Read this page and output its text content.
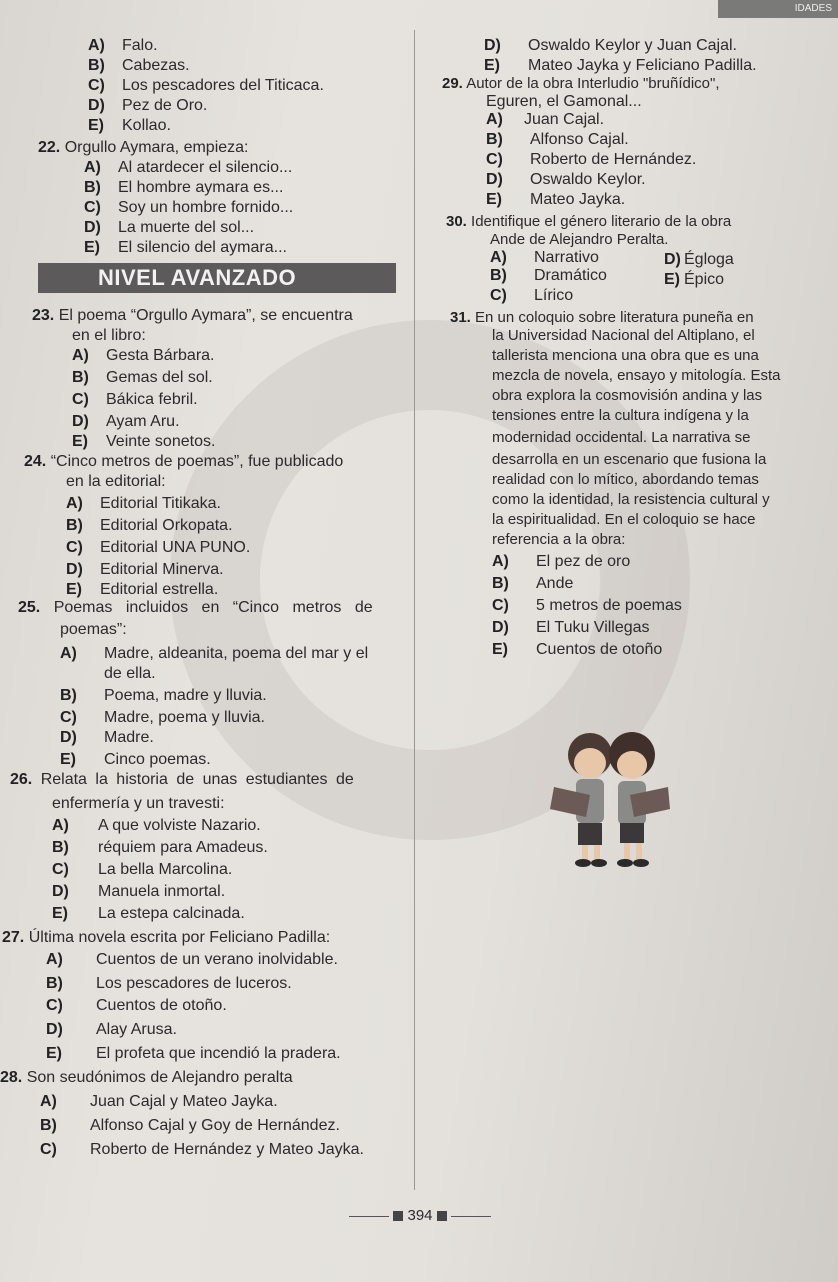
IDADES
A) Falo.
B) Cabezas.
C) Los pescadores del Titicaca.
D) Pez de Oro.
E) Kollao.
22. Orgullo Aymara, empieza:
A) Al atardecer el silencio...
B) El hombre aymara es...
C) Soy un hombre fornido...
D) La muerte del sol...
E) El silencio del aymara...
NIVEL AVANZADO
23. El poema “Orgullo Aymara”, se encuentra
en el libro:
A) Gesta Bárbara.
B) Gemas del sol.
C) Bákica febril.
D) Ayam Aru.
E) Veinte sonetos.
24. “Cinco metros de poemas”, fue publicado
en la editorial:
A) Editorial Titikaka.
B) Editorial Orkopata.
C) Editorial UNA PUNO.
D) Editorial Minerva.
E) Editorial estrella.
25. Poemas incluidos en “Cinco metros de
poemas”:
A) Madre, aldeanita, poema del mar y el
de ella.
B) Poema, madre y lluvia.
C) Madre, poema y lluvia.
D) Madre.
E) Cinco poemas.
26. Relata la historia de unas estudiantes de
enfermería y un travesti:
A) A que volviste Nazario.
B) réquiem para Amadeus.
C) La bella Marcolina.
D) Manuela inmortal.
E) La estepa calcinada.
27. Última novela escrita por Feliciano Padilla:
A) Cuentos de un verano inolvidable.
B) Los pescadores de luceros.
C) Cuentos de otoño.
D) Alay Arusa.
E) El profeta que incendió la pradera.
28. Son seudónimos de Alejandro peralta
A) Juan Cajal y Mateo Jayka.
B) Alfonso Cajal y Goy de Hernández.
C) Roberto de Hernández y Mateo Jayka.
D) Oswaldo Keylor y Juan Cajal.
E) Mateo Jayka y Feliciano Padilla.
29. Autor de la obra Interludio "bruñídico",
Eguren, el Gamonal...
A) Juan Cajal.
B) Alfonso Cajal.
C) Roberto de Hernández.
D) Oswaldo Keylor.
E) Mateo Jayka.
30. Identifique el género literario de la obra
Ande de Alejandro Peralta.
A) Narrativo	D) Égloga
B) Dramático	E) Épico
C) Lírico
31. En un coloquio sobre literatura puneña en
la Universidad Nacional del Altiplano, el
tallerista menciona una obra que es una
mezcla de novela, ensayo y mitología. Esta
obra explora la cosmovisión andina y las
tensiones entre la cultura indígena y la
modernidad occidental. La narrativa se
desarrolla en un escenario que fusiona la
realidad con lo mítico, abordando temas
como la identidad, la resistencia cultural y
la espiritualidad. En el coloquio se hace
referencia a la obra:
A) El pez de oro
B) Ande
C) 5 metros de poemas
D) El Tuku Villegas
E) Cuentos de otoño
394
